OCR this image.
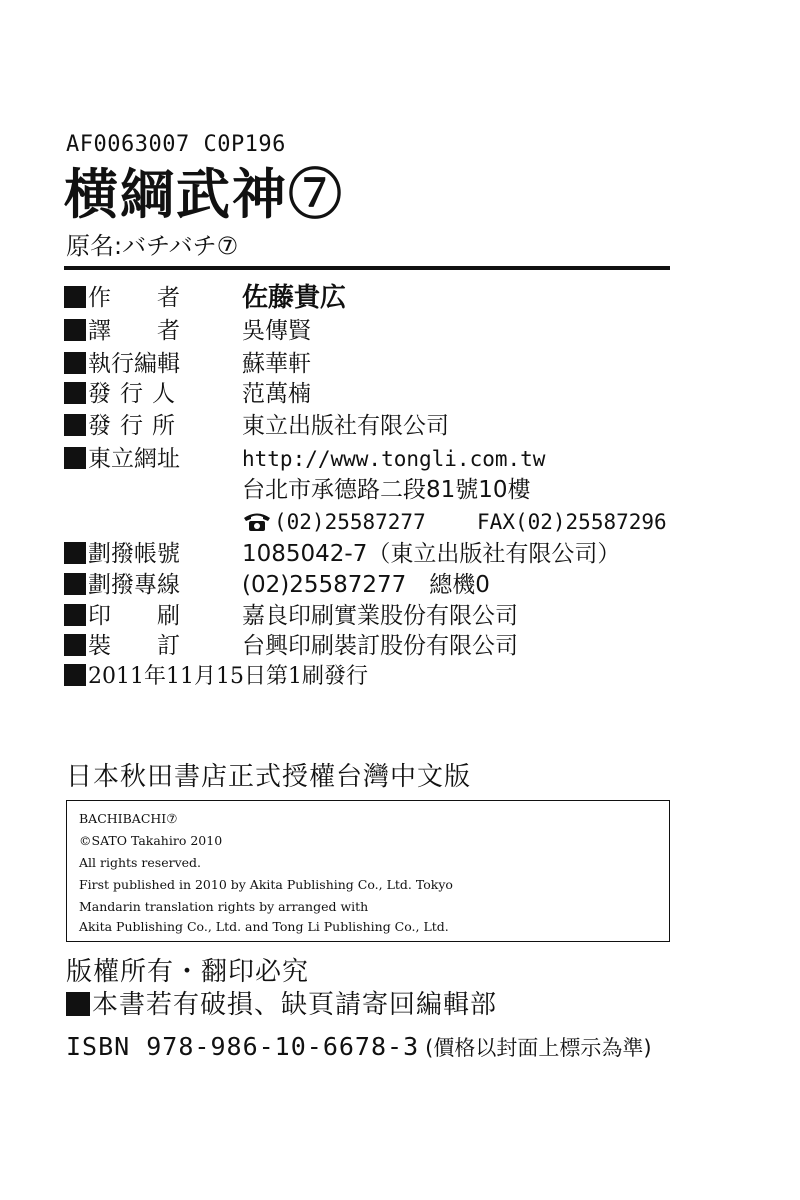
AF0063007 C0P196
横綱武神⑦
原名:バチバチ⑦
作　　者 佐藤貴広
譯　　者	吳傳賢
執行編輯	蘇華軒
發行人	范萬楠
發行所	東立出版社有限公司
東立網址	http://www.tongli.com.tw
台北市承德路二段81號10樓
(02)25587277 FAX(02)25587296
劃撥帳號	1085042-7（東立出版社有限公司）
劃撥專線	(02)25587277　總機0
印　　刷	嘉良印刷實業股份有限公司
裝　　訂	台興印刷裝訂股份有限公司
2011年11月15日第1刷發行
日本秋田書店正式授權台灣中文版
BACHIBACHI⑦
©SATO Takahiro 2010
All rights reserved.
First published in 2010 by Akita Publishing Co., Ltd. Tokyo
Mandarin translation rights by arranged with
Akita Publishing Co., Ltd. and Tong Li Publishing Co., Ltd.
版權所有・翻印必究
本書若有破損、缺頁請寄回編輯部
ISBN 978-986-10-6678-3 (價格以封面上標示為準)
